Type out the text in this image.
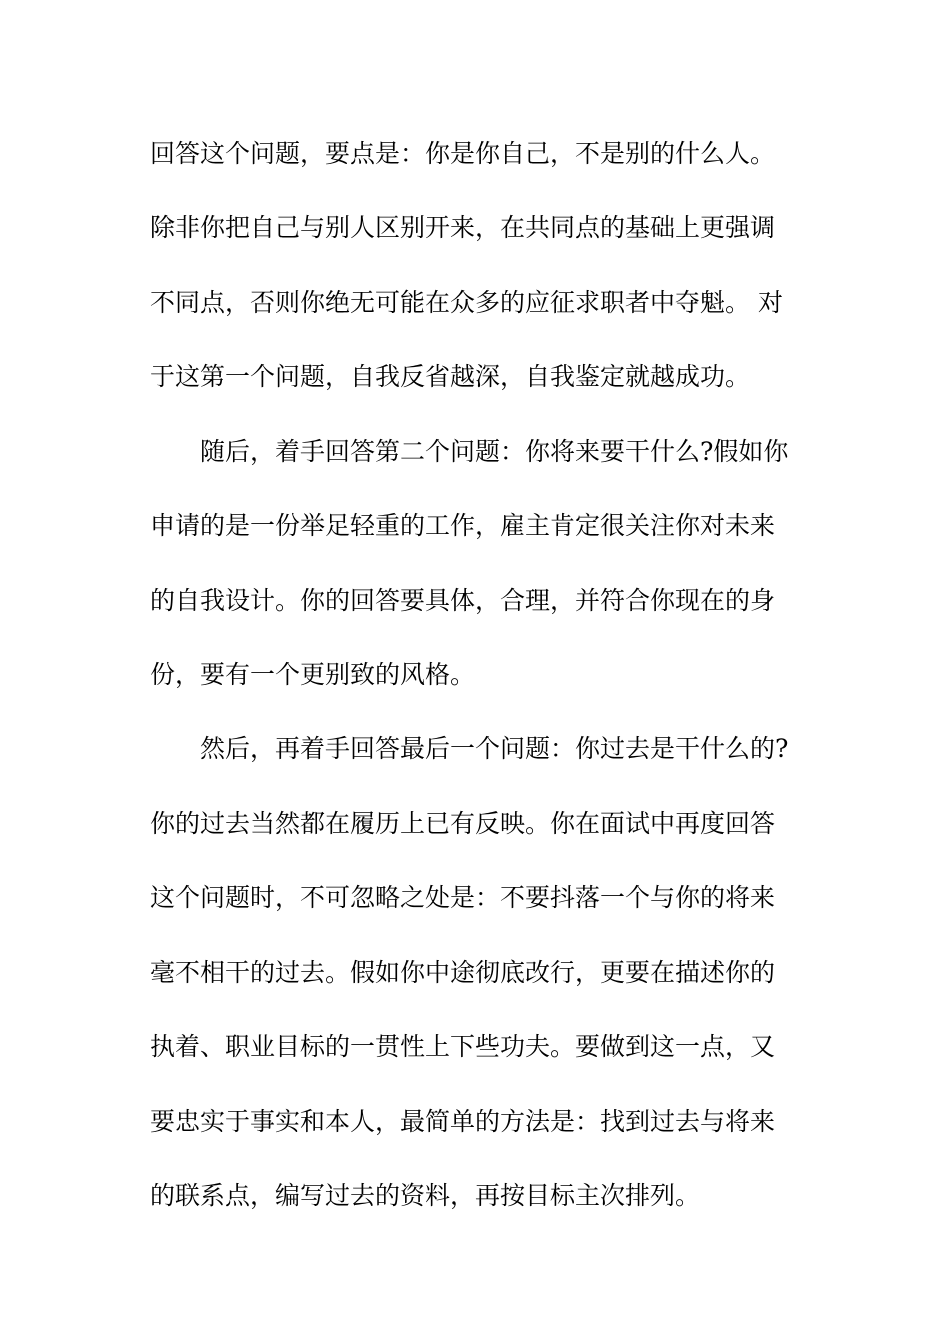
回答这个问题，要点是：你是你自己，不是别的什么人。
除非你把自己与别人区别开来，在共同点的基础上更强调
不同点，否则你绝无可能在众多的应征求职者中夺魁。 对
于这第一个问题，自我反省越深，自我鉴定就越成功。
随后，着手回答第二个问题：你将来要干什么?假如你
申请的是一份举足轻重的工作，雇主肯定很关注你对未来
的自我设计。你的回答要具体，合理，并符合你现在的身
份，要有一个更别致的风格。
然后，再着手回答最后一个问题：你过去是干什么的?
你的过去当然都在履历上已有反映。你在面试中再度回答
这个问题时，不可忽略之处是：不要抖落一个与你的将来
毫不相干的过去。假如你中途彻底改行，更要在描述你的
执着、职业目标的一贯性上下些功夫。要做到这一点，又
要忠实于事实和本人，最简单的方法是：找到过去与将来
的联系点，编写过去的资料，再按目标主次排列。
